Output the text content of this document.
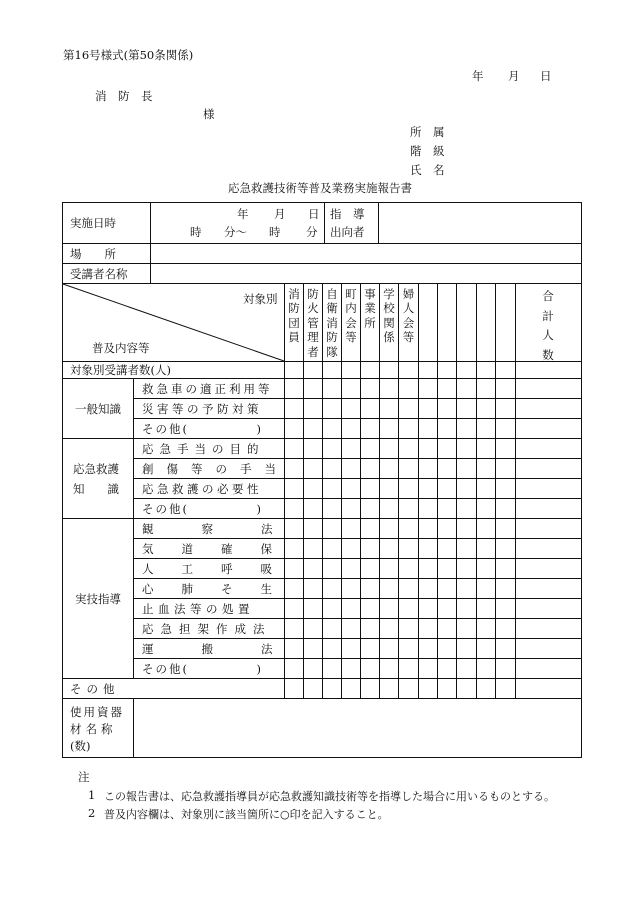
第16号様式(第50条関係)
年 月 日
消　防　長
様
所　属
階　級
氏　名
応急救護技術等普及業務実施報告書
実施日時
年 月 日
時 分～ 時 分
指　導
出向者
場　　所
受講者名称
対象別
普及内容等
消
防
団
員
防
火
管
理
者
自
衛
消
防
隊
町
内
会
等
事
業
所
学
校
関
係
婦
人
会
等
合
計
人
数
対象別受講者数(人)
一般知識
救急車の適正利用等
災害等の予防対策
その他(　　　　　)
応急救護
知　　識
応急手当の目的
創傷等の手当
応急救護の必要性
その他(　　　　　)
実技指導
観察法
気道確保
人工呼吸
心肺そ生
止血法等の処置
応急担架作成法
運搬法
その他(　　　　　)
その他
使用資器
材名称
(数)
注
1 この報告書は、応急救護指導員が応急救護知識技術等を指導した場合に用いるものとする。
2 普及内容欄は、対象別に該当箇所に○印を記入すること。
